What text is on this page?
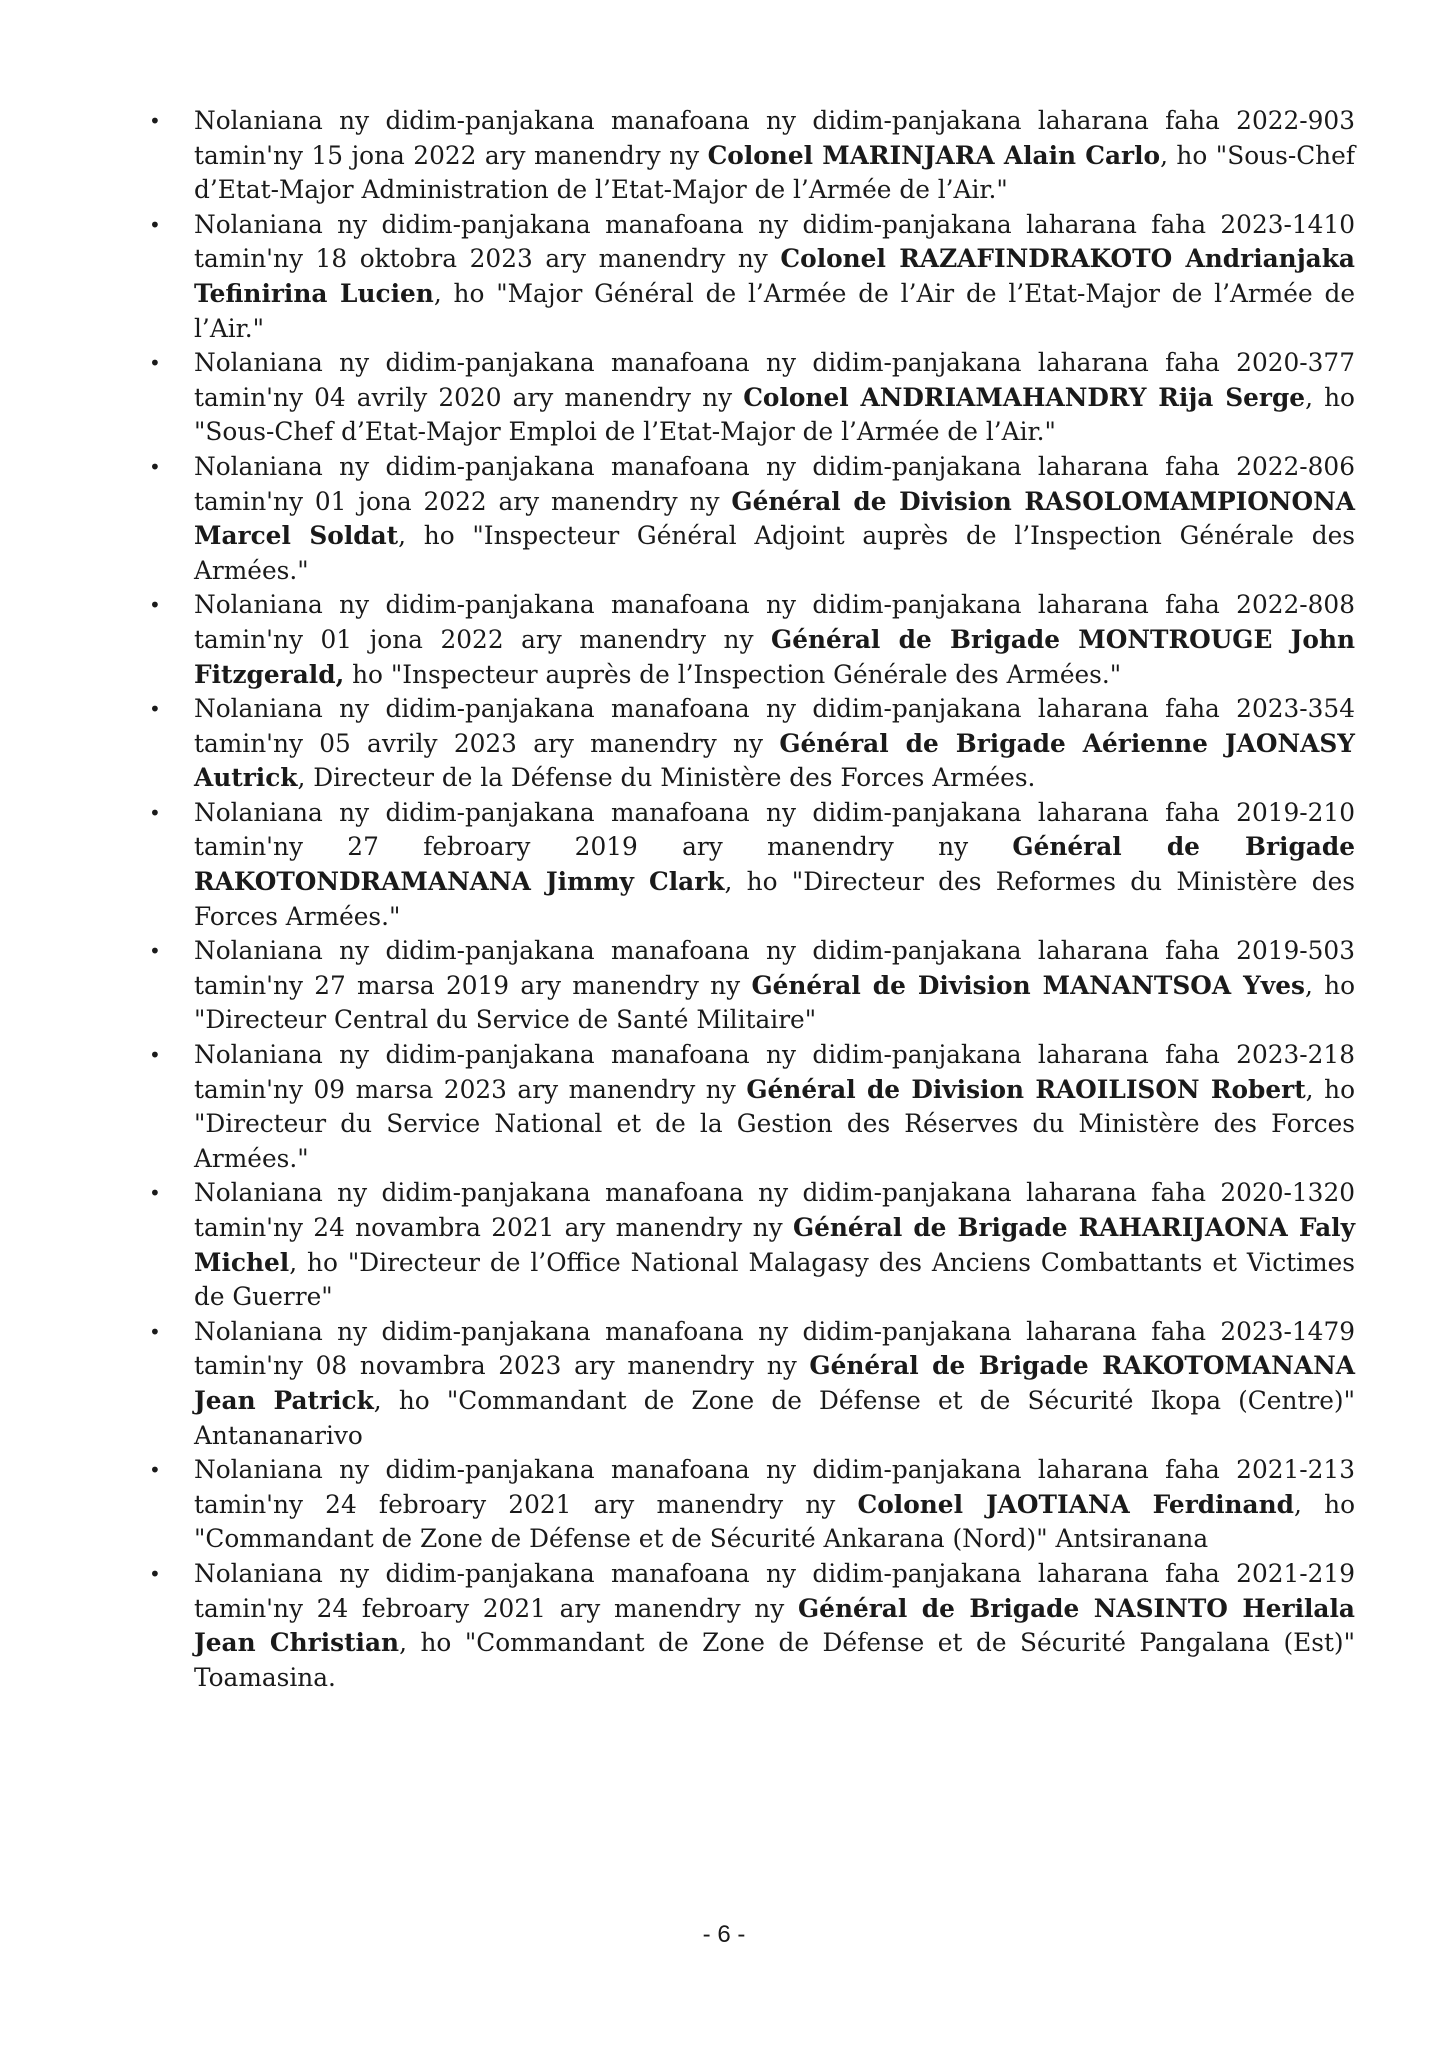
• Nolaniana ny didim-panjakana manafoana ny didim-panjakana laharana faha 2022-903 tamin'ny 15 jona 2022 ary manendry ny Colonel MARINJARA Alain Carlo, ho "Sous-Chef d’Etat-Major Administration de l’Etat-Major de l’Armée de l’Air."
• Nolaniana ny didim-panjakana manafoana ny didim-panjakana laharana faha 2023-1410 tamin'ny 18 oktobra 2023 ary manendry ny Colonel RAZAFINDRAKOTO Andrianjaka Tefinirina Lucien, ho "Major Général de l’Armée de l’Air de l’Etat-Major de l’Armée de l’Air."
• Nolaniana ny didim-panjakana manafoana ny didim-panjakana laharana faha 2020-377 tamin'ny 04 avrily 2020 ary manendry ny Colonel ANDRIAMAHANDRY Rija Serge, ho "Sous-Chef d’Etat-Major Emploi de l’Etat-Major de l’Armée de l’Air."
• Nolaniana ny didim-panjakana manafoana ny didim-panjakana laharana faha 2022-806 tamin'ny 01 jona 2022 ary manendry ny Général de Division RASOLOMAMPIONONA Marcel Soldat, ho "Inspecteur Général Adjoint auprès de l’Inspection Générale des Armées."
• Nolaniana ny didim-panjakana manafoana ny didim-panjakana laharana faha 2022-808 tamin'ny 01 jona 2022 ary manendry ny Général de Brigade MONTROUGE John Fitzgerald, ho "Inspecteur auprès de l’Inspection Générale des Armées."
• Nolaniana ny didim-panjakana manafoana ny didim-panjakana laharana faha 2023-354 tamin'ny 05 avrily 2023 ary manendry ny Général de Brigade Aérienne JAONASY Autrick, Directeur de la Défense du Ministère des Forces Armées.
• Nolaniana ny didim-panjakana manafoana ny didim-panjakana laharana faha 2019-210 tamin'ny 27 febroary 2019 ary manendry ny Général de Brigade RAKOTONDRAMANANA Jimmy Clark, ho "Directeur des Reformes du Ministère des Forces Armées."
• Nolaniana ny didim-panjakana manafoana ny didim-panjakana laharana faha 2019-503 tamin'ny 27 marsa 2019 ary manendry ny Général de Division MANANTSOA Yves, ho "Directeur Central du Service de Santé Militaire"
• Nolaniana ny didim-panjakana manafoana ny didim-panjakana laharana faha 2023-218 tamin'ny 09 marsa 2023 ary manendry ny Général de Division RAOILISON Robert, ho "Directeur du Service National et de la Gestion des Réserves du Ministère des Forces Armées."
• Nolaniana ny didim-panjakana manafoana ny didim-panjakana laharana faha 2020-1320 tamin'ny 24 novambra 2021 ary manendry ny Général de Brigade RAHARIJAONA Faly Michel, ho "Directeur de l’Office National Malagasy des Anciens Combattants et Victimes de Guerre"
• Nolaniana ny didim-panjakana manafoana ny didim-panjakana laharana faha 2023-1479 tamin'ny 08 novambra 2023 ary manendry ny Général de Brigade RAKOTOMANANA Jean Patrick, ho "Commandant de Zone de Défense et de Sécurité Ikopa (Centre)" Antananarivo
• Nolaniana ny didim-panjakana manafoana ny didim-panjakana laharana faha 2021-213 tamin'ny 24 febroary 2021 ary manendry ny Colonel JAOTIANA Ferdinand, ho "Commandant de Zone de Défense et de Sécurité Ankarana (Nord)" Antsiranana
• Nolaniana ny didim-panjakana manafoana ny didim-panjakana laharana faha 2021-219 tamin'ny 24 febroary 2021 ary manendry ny Général de Brigade NASINTO Herilala Jean Christian, ho "Commandant de Zone de Défense et de Sécurité Pangalana (Est)" Toamasina.
- 6 -
